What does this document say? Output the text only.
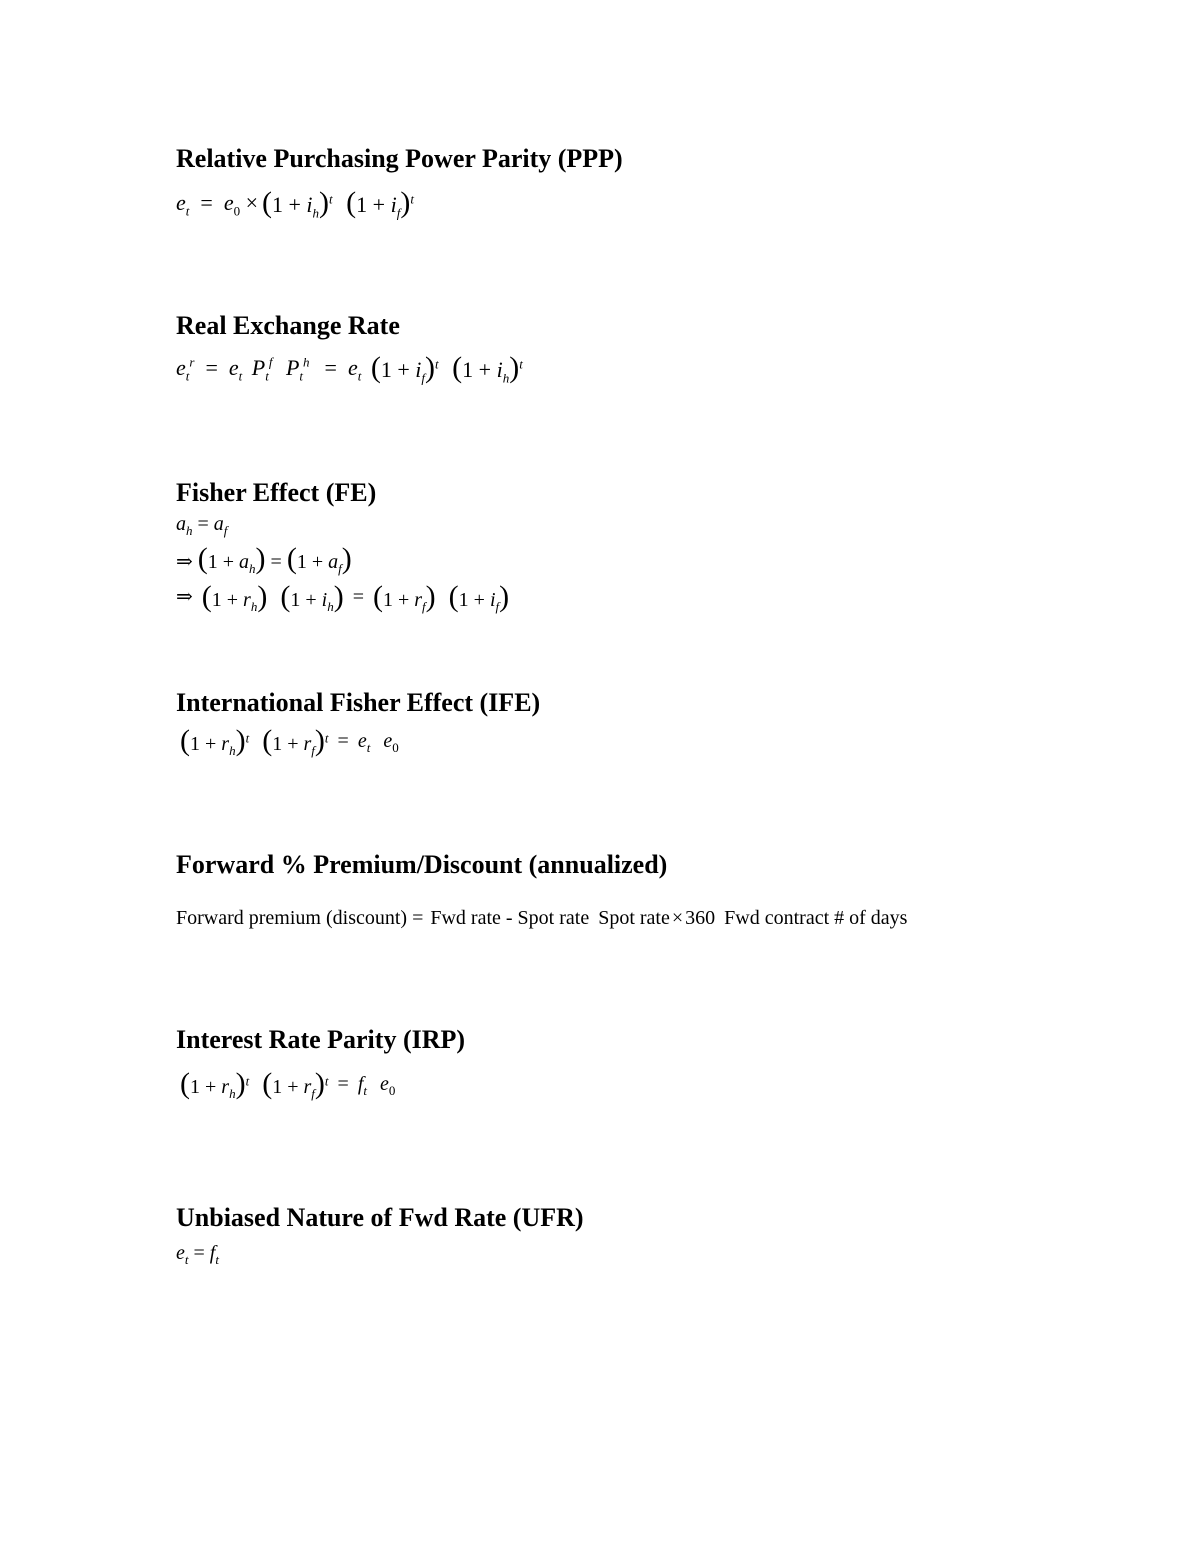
Relative Purchasing Power Parity (PPP)
$e_t = e_0 \times (1 + i_h)^t$ $(1 + i_f)^t$
Real Exchange Rate
$e_t^r = e_t$ $P_t^f$ $P_t^h = e_t$ $(1 + i_f)^t$ $(1 + i_h)^t$
Fisher Effect (FE)
$a_h = a_f$
⇒ $(1 + a_h) = (1 + a_f)$
⇒ $(1 + r_h)$ $(1 + i_h) = (1 + r_f)$ $(1 + i_f)$
International Fisher Effect (IFE)
$(1 + r_h)^t$ $(1 + r_f)^t = e_t$ $e_0$
Forward % Premium/Discount (annualized)
Forward premium (discount) = Fwd rate - Spot rate Spot rate × 360 Fwd contract # of days
Interest Rate Parity (IRP)
$(1 + r_h)^t$ $(1 + r_f)^t = f_t$ $e_0$
Unbiased Nature of Fwd Rate (UFR)
$e_t = f_t$
